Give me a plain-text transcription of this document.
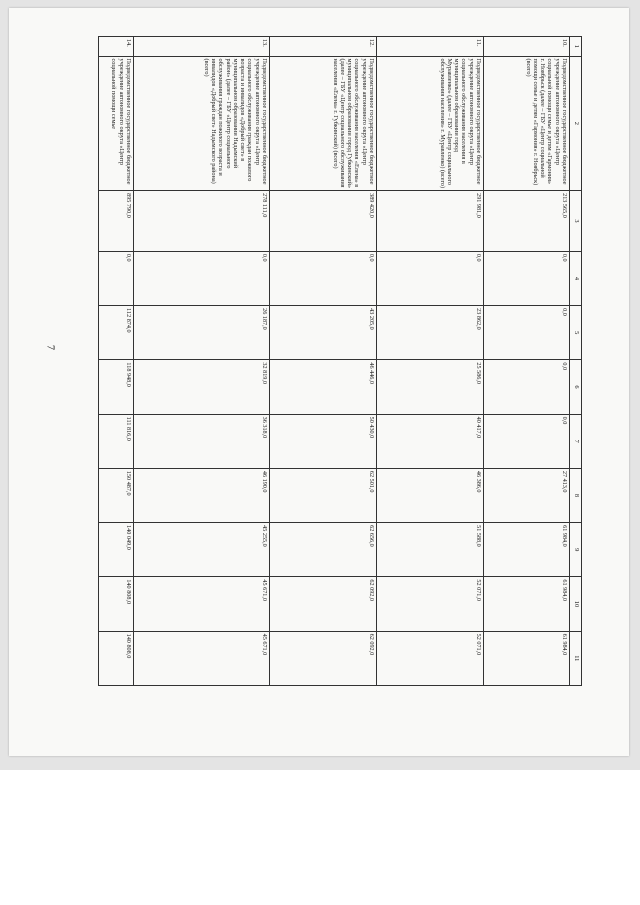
7
1	2	3	4	5	6	7	8	9	10	11
10.	Подведомственное государственное бюджетное учреждение автономного округа «Центр социальной помощи семье и детям «Гармония» г. Ноябрьск (далее – ГБУ «Центр социальной помощи семье и детям «Гармония» г. Ноябрьск) (всего)	213 565,0	0,0	0,0	0,0	0,0	27 413,0	61 984,0	61 984,0	61 984,0
11.	Подведомственное государственное бюджетное учреждение автономного округа «Центр социального обслуживания населения в муниципальном образовании город Муравленко» (далее – ГБУ «Центр социального обслуживания населения» г. Муравленко) (всего)	291 981,0	0,0	23 862,0	25 586,0	40 417,0	46 386,0	51 588,0	52 071,0	52 071,0
12.	Подведомственное государственное бюджетное учреждение автономного округа «Центр социального обслуживания населения «Елена» в муниципальном образовании город Губкинский» (далее – ГБУ «Центр социального обслуживания населения «Елена» г. Губкинский) (всего)	389 420,0	0,0	43 205,0	46 446,0	50 430,0	62 501,0	62 656,0	62 092,0	62 092,0
13.	Подведомственное государственное бюджетное учреждение автономного округа «Центр социального обслуживания граждан пожилого возраста и инвалидов «Добрый свет» в муниципальном образовании Надымский район» (далее – ГБУ «Центр социального обслуживания граждан пожилого возраста и инвалидов «Добрый свет» Надымского района) (всего)	278 111,0	0,0	26 187,0	32 819,0	36 318,0	46 190,0	45 255,0	45 671,0	45 671,0
14.	Подведомственное государственное бюджетное учреждение автономного округа «Центр социальной помощи семье	895 790,0	0,0	112 874,0	118 948,0	111 816,0	150 487,0	140 049,0	140 808,0	140 808,0
